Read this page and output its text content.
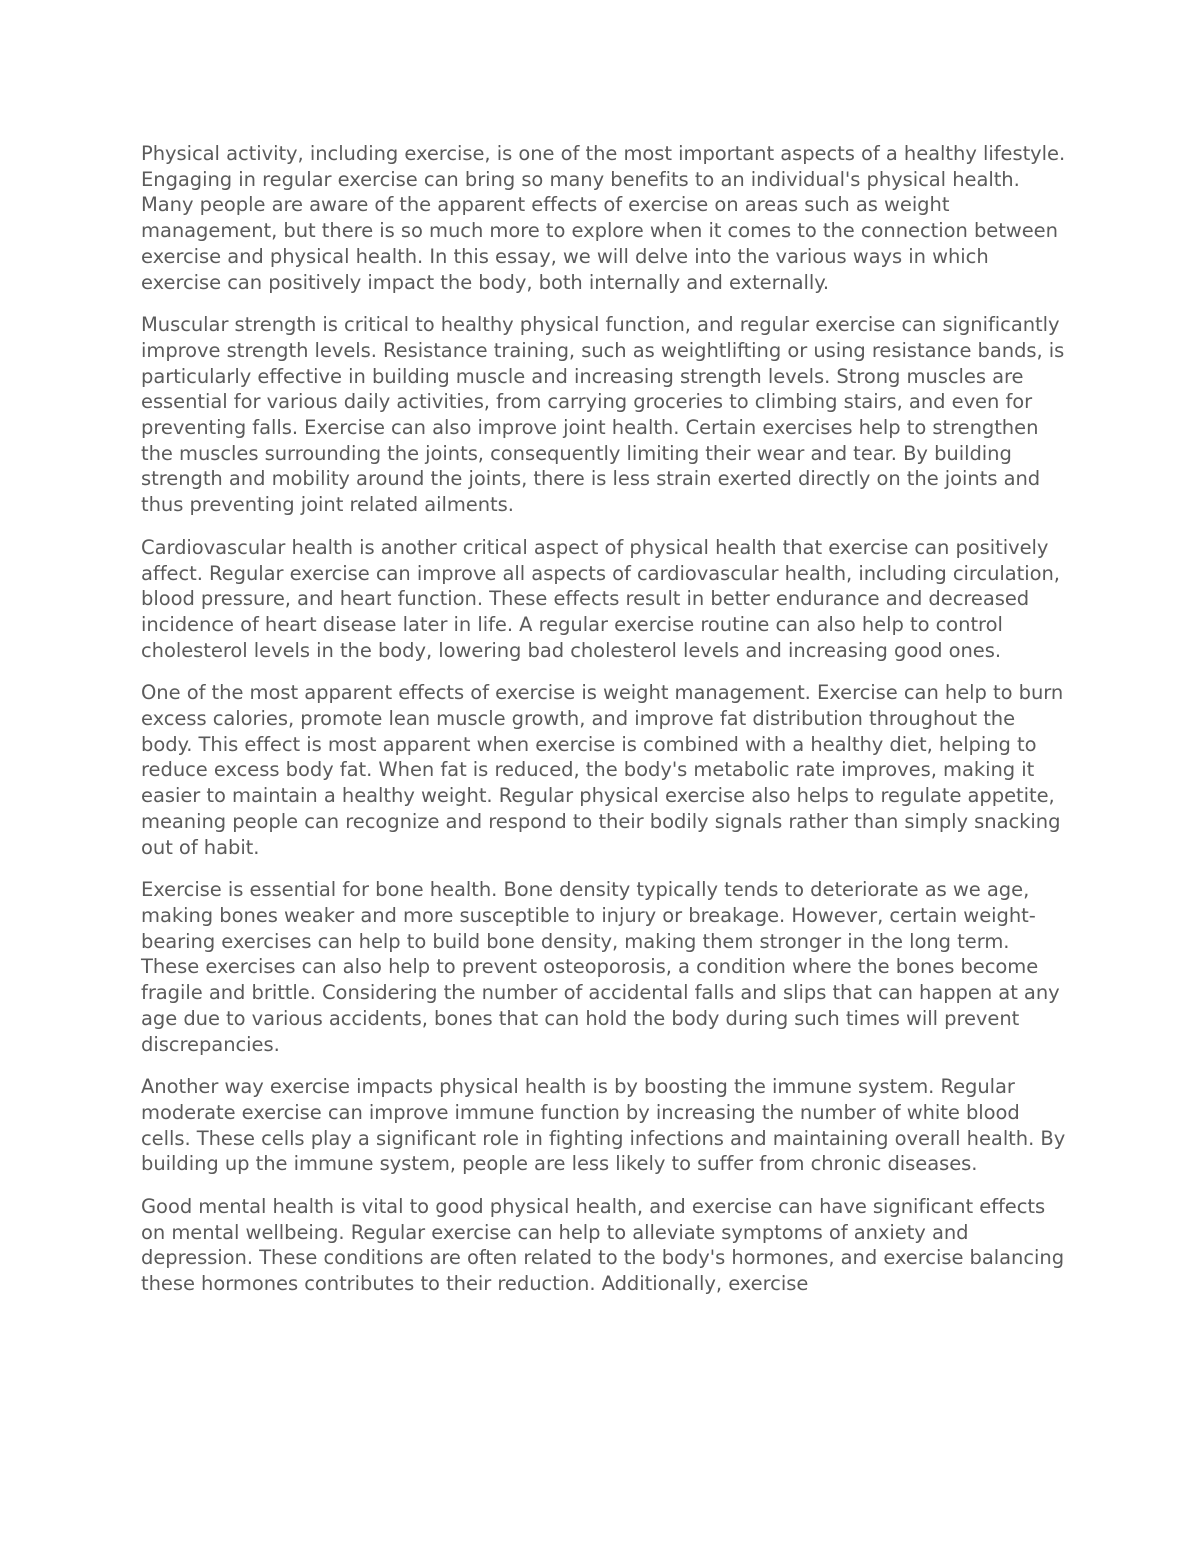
Physical activity, including exercise, is one of the most important aspects of a healthy lifestyle. Engaging in regular exercise can bring so many benefits to an individual's physical health. Many people are aware of the apparent effects of exercise on areas such as weight management, but there is so much more to explore when it comes to the connection between exercise and physical health. In this essay, we will delve into the various ways in which exercise can positively impact the body, both internally and externally.

Muscular strength is critical to healthy physical function, and regular exercise can significantly improve strength levels. Resistance training, such as weightlifting or using resistance bands, is particularly effective in building muscle and increasing strength levels. Strong muscles are essential for various daily activities, from carrying groceries to climbing stairs, and even for preventing falls. Exercise can also improve joint health. Certain exercises help to strengthen the muscles surrounding the joints, consequently limiting their wear and tear. By building strength and mobility around the joints, there is less strain exerted directly on the joints and thus preventing joint related ailments.

Cardiovascular health is another critical aspect of physical health that exercise can positively affect. Regular exercise can improve all aspects of cardiovascular health, including circulation, blood pressure, and heart function. These effects result in better endurance and decreased incidence of heart disease later in life. A regular exercise routine can also help to control cholesterol levels in the body, lowering bad cholesterol levels and increasing good ones.

One of the most apparent effects of exercise is weight management. Exercise can help to burn excess calories, promote lean muscle growth, and improve fat distribution throughout the body. This effect is most apparent when exercise is combined with a healthy diet, helping to reduce excess body fat. When fat is reduced, the body's metabolic rate improves, making it easier to maintain a healthy weight. Regular physical exercise also helps to regulate appetite, meaning people can recognize and respond to their bodily signals rather than simply snacking out of habit.

Exercise is essential for bone health. Bone density typically tends to deteriorate as we age, making bones weaker and more susceptible to injury or breakage. However, certain weight-bearing exercises can help to build bone density, making them stronger in the long term. These exercises can also help to prevent osteoporosis, a condition where the bones become fragile and brittle. Considering the number of accidental falls and slips that can happen at any age due to various accidents, bones that can hold the body during such times will prevent discrepancies.

Another way exercise impacts physical health is by boosting the immune system. Regular moderate exercise can improve immune function by increasing the number of white blood cells. These cells play a significant role in fighting infections and maintaining overall health. By building up the immune system, people are less likely to suffer from chronic diseases.

Good mental health is vital to good physical health, and exercise can have significant effects on mental wellbeing. Regular exercise can help to alleviate symptoms of anxiety and depression. These conditions are often related to the body's hormones, and exercise balancing these hormones contributes to their reduction. Additionally, exercise
